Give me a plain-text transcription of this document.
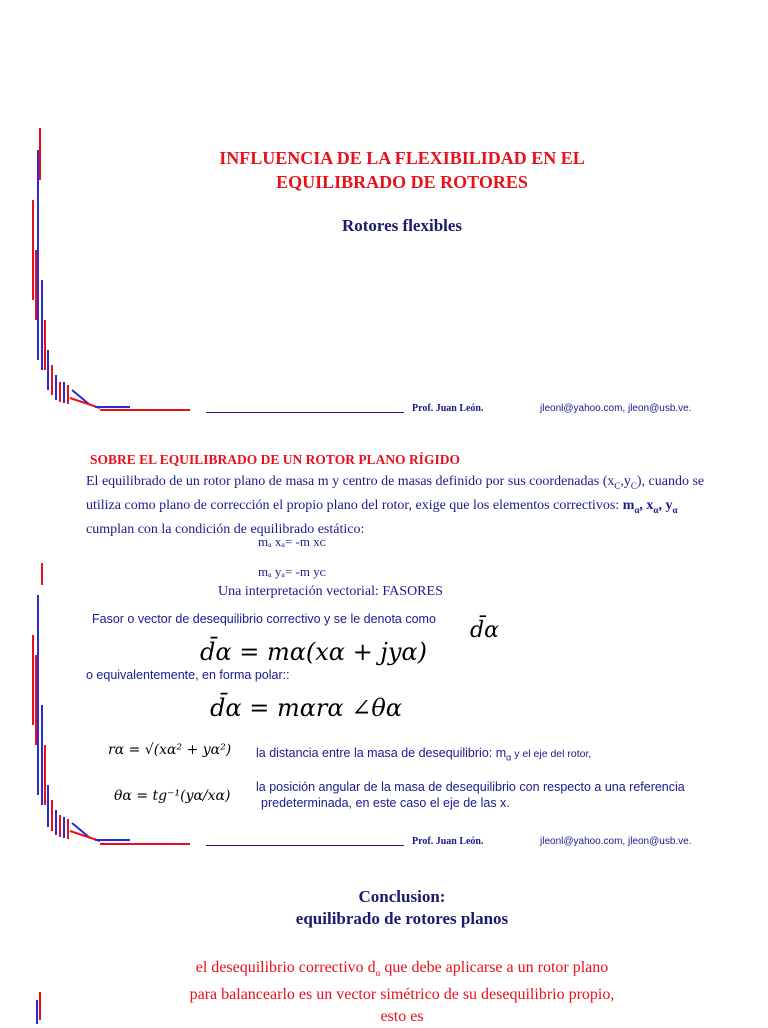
INFLUENCIA DE LA FLEXIBILIDAD EN EL
EQUILIBRADO DE ROTORES
Rotores flexibles
Prof. Juan León.	jleonl@yahoo.com, jleon@usb.ve.
SOBRE EL EQUILIBRADO DE UN ROTOR PLANO RÍGIDO
El equilibrado de un rotor plano de masa m y centro de masas definido por sus coordenadas $(x_C,y_C)$, cuando se
utiliza como plano de corrección el propio plano del rotor, exige que los elementos correctivos: $m_\alpha$, $x_\alpha$, $y_\alpha$
cumplan con la condición de equilibrado estático:
mₐ xₐ= -m xᴄ
mₐ yₐ= -m yᴄ
Una interpretación vectorial: FASORES
Fasor o vector de desequilibrio correctivo y se le denota como d̄α
d̄α = mα(xα + jyα)
o equivalentemente, en forma polar::
d̄α = mαrα ∠θα
rα = √(xα² + yα²) la distancia entre la masa de desequilibrio: $m_\alpha$ y el eje del rotor,
θα = tg⁻¹(yα/xα)
la posición angular de la masa de desequilibrio con respecto a una referencia
predeterminada, en este caso el eje de las x.
Prof. Juan León.	jleonl@yahoo.com, jleon@usb.ve.
Conclusion:
equilibrado de rotores planos
el desequilibrio correctivo $d_\alpha$ que debe aplicarse a un rotor plano
para balancearlo es un vector simétrico de su desequilibrio propio,
esto es
